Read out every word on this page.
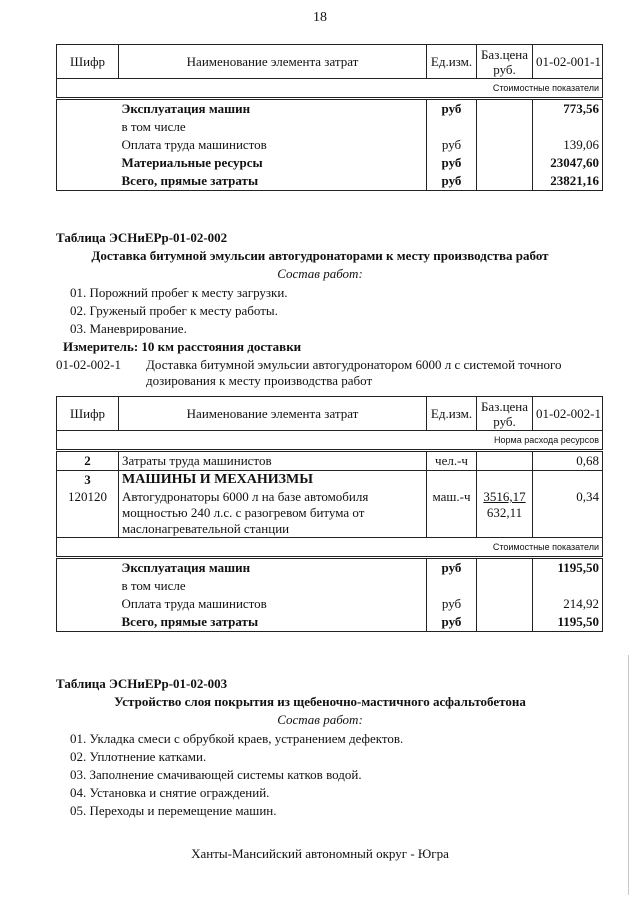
18
Шифр	Наименование элемента затрат	Ед.изм.	Баз.цена руб.	01-02-001-1
Стоимостные показатели				
	Эксплуатация машин	руб		773,56
	в том числе			
	Оплата труда машинистов	руб		139,06
	Материальные ресурсы	руб		23047,60
	Всего, прямые затраты	руб		23821,16
Таблица ЭСНиЕРр-01-02-002
Доставка битумной эмульсии автогудронаторами к месту производства работ
Состав работ:
01. Порожний пробег к месту загрузки.
02. Груженый пробег к месту работы.
03. Маневрирование.
Измеритель: 10 км расстояния доставки
01-02-002-1 Доставка битумной эмульсии автогудронатором 6000 л с системой точного
дозирования к месту производства работ
Шифр	Наименование элемента затрат	Ед.изм.	Баз.цена руб.	01-02-002-1
Норма расхода ресурсов				
2	Затраты труда машинистов	чел.-ч		0,68
3	МАШИНЫ И МЕХАНИЗМЫ			
120120	Автогудронаторы 6000 л на базе автомобиля	маш.-ч	3516,17	0,34
	мощностью 240 л.с. с разогревом битума от		632,11	
	маслонагревательной станции			
Стоимостные показатели				
	Эксплуатация машин	руб		1195,50
	в том числе			
	Оплата труда машинистов	руб		214,92
	Всего, прямые затраты	руб		1195,50
Таблица ЭСНиЕРр-01-02-003
Устройство слоя покрытия из щебеночно-мастичного асфальтобетона
Состав работ:
01. Укладка смеси с обрубкой краев, устранением дефектов.
02. Уплотнение катками.
03. Заполнение смачивающей системы катков водой.
04. Установка и снятие ограждений.
05. Переходы и перемещение машин.
Ханты-Мансийский автономный округ - Югра
